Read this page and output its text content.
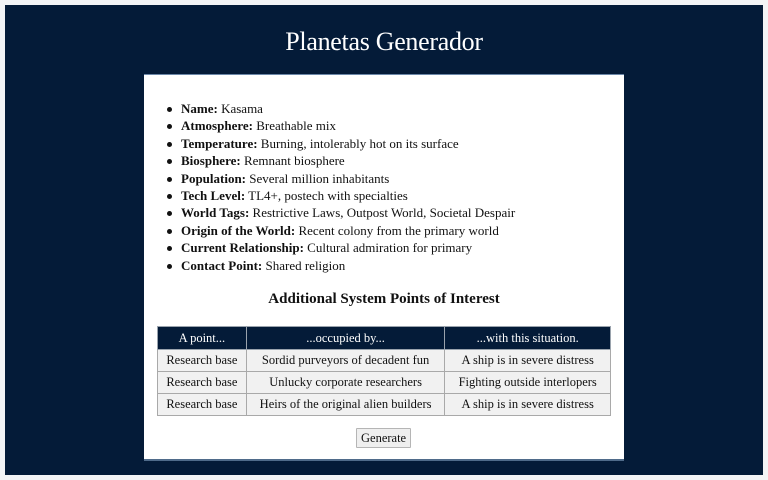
Planetas Generador
Name: Kasama
Atmosphere: Breathable mix
Temperature: Burning, intolerably hot on its surface
Biosphere: Remnant biosphere
Population: Several million inhabitants
Tech Level: TL4+, postech with specialties
World Tags: Restrictive Laws, Outpost World, Societal Despair
Origin of the World: Recent colony from the primary world
Current Relationship: Cultural admiration for primary
Contact Point: Shared religion
Additional System Points of Interest
A point...	...occupied by...	...with this situation.
Research base	Sordid purveyors of decadent fun	A ship is in severe distress
Research base	Unlucky corporate researchers	Fighting outside interlopers
Research base	Heirs of the original alien builders	A ship is in severe distress
Generate
